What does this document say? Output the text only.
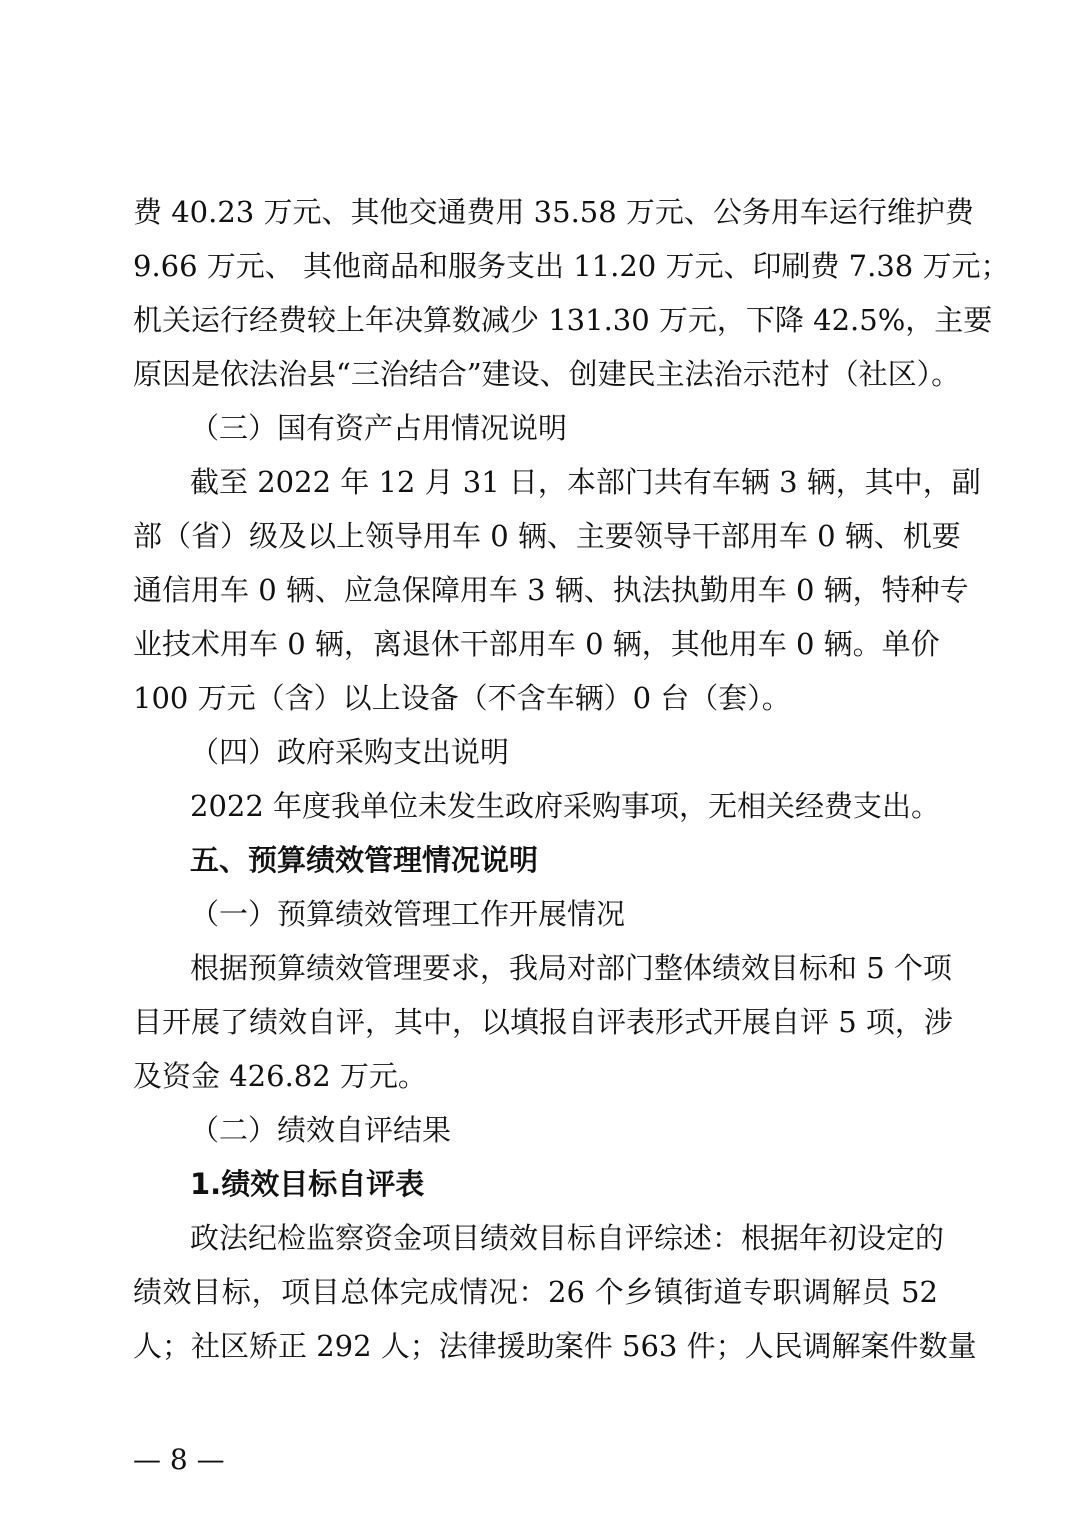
费 40.23 万元、其他交通费用 35.58 万元、公务用车运行维护费
9.66 万元、 其他商品和服务支出 11.20 万元、印刷费 7.38 万元；
机关运行经费较上年决算数减少 131.30 万元，下降 42.5%，主要
原因是依法治县“三治结合”建设、创建民主法治示范村（社区）。
（三）国有资产占用情况说明
截至 2022 年 12 月 31 日，本部门共有车辆 3 辆，其中，副
部（省）级及以上领导用车 0 辆、主要领导干部用车 0 辆、机要
通信用车 0 辆、应急保障用车 3 辆、执法执勤用车 0 辆，特种专
业技术用车 0 辆，离退休干部用车 0 辆，其他用车 0 辆。单价
100 万元（含）以上设备（不含车辆）0 台（套）。
（四）政府采购支出说明
2022 年度我单位未发生政府采购事项，无相关经费支出。
五、预算绩效管理情况说明
（一）预算绩效管理工作开展情况
根据预算绩效管理要求，我局对部门整体绩效目标和 5 个项
目开展了绩效自评，其中，以填报自评表形式开展自评 5 项，涉
及资金 426.82 万元。
（二）绩效自评结果
1.绩效目标自评表
政法纪检监察资金项目绩效目标自评综述：根据年初设定的
绩效目标，项目总体完成情况：26 个乡镇街道专职调解员 52
人；社区矫正 292 人；法律援助案件 563 件；人民调解案件数量
— 8 —
